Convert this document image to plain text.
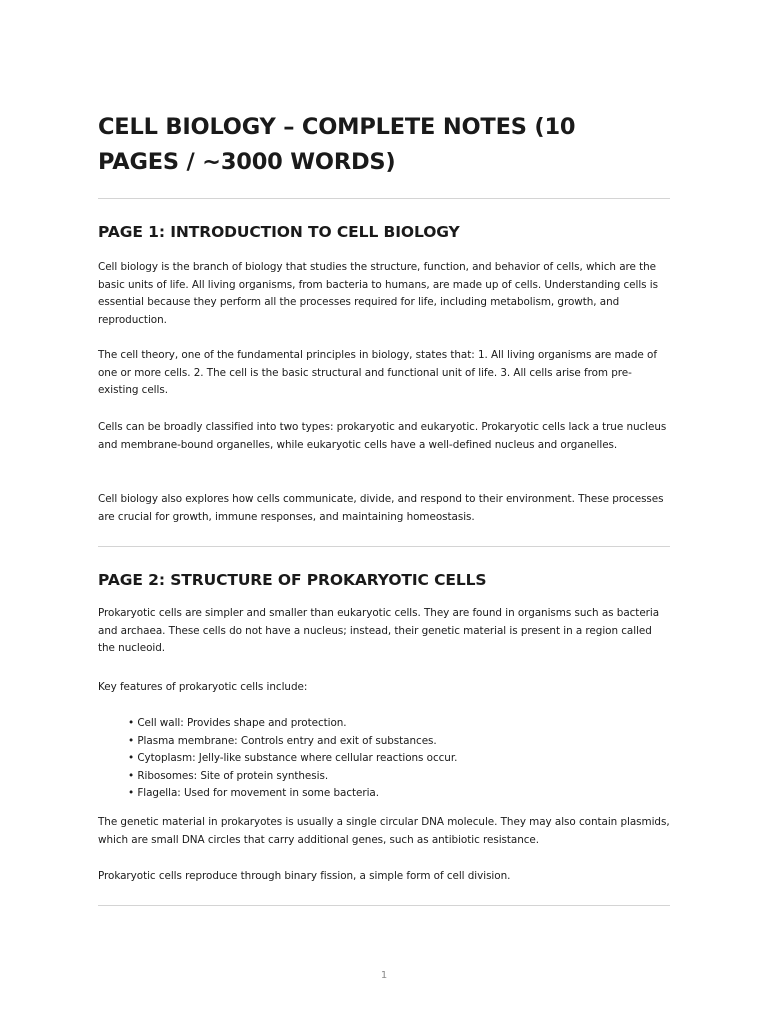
CELL BIOLOGY – COMPLETE NOTES (10 PAGES / ~3000 WORDS)
PAGE 1: INTRODUCTION TO CELL BIOLOGY

Cell biology is the branch of biology that studies the structure, function, and behavior of cells, which are the basic units of life. All living organisms, from bacteria to humans, are made up of cells. Understanding cells is essential because they perform all the processes required for life, including metabolism, growth, and reproduction.

The cell theory, one of the fundamental principles in biology, states that: 1. All living organisms are made of one or more cells. 2. The cell is the basic structural and functional unit of life. 3. All cells arise from pre-existing cells.

Cells can be broadly classified into two types: prokaryotic and eukaryotic. Prokaryotic cells lack a true nucleus and membrane-bound organelles, while eukaryotic cells have a well-defined nucleus and organelles.

Cell biology also explores how cells communicate, divide, and respond to their environment. These processes are crucial for growth, immune responses, and maintaining homeostasis.

PAGE 2: STRUCTURE OF PROKARYOTIC CELLS

Prokaryotic cells are simpler and smaller than eukaryotic cells. They are found in organisms such as bacteria and archaea. These cells do not have a nucleus; instead, their genetic material is present in a region called the nucleoid.

Key features of prokaryotic cells include:

• Cell wall: Provides shape and protection.
• Plasma membrane: Controls entry and exit of substances.
• Cytoplasm: Jelly-like substance where cellular reactions occur.
• Ribosomes: Site of protein synthesis.
• Flagella: Used for movement in some bacteria.

The genetic material in prokaryotes is usually a single circular DNA molecule. They may also contain plasmids, which are small DNA circles that carry additional genes, such as antibiotic resistance.

Prokaryotic cells reproduce through binary fission, a simple form of cell division.

1
